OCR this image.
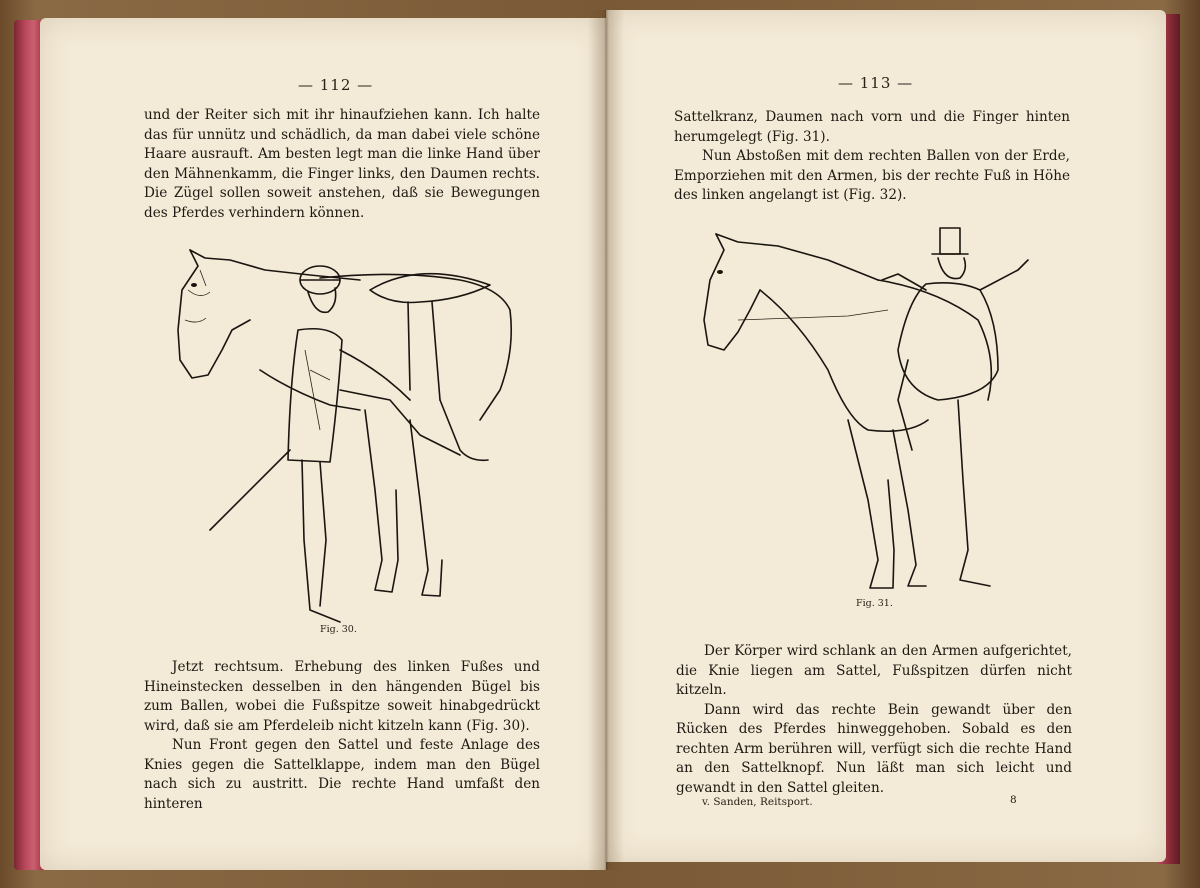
— 112 —

und der Reiter sich mit ihr hinaufziehen kann. Ich halte das für unnütz und schädlich, da man dabei viele schöne Haare ausrauft. Am besten legt man die linke Hand über den Mähnenkamm, die Finger links, den Daumen rechts. Die Zügel sollen soweit anstehen, daß sie Bewegungen des Pferdes verhindern können.

Fig. 30.

Jetzt rechtsum. Erhebung des linken Fußes und Hineinstecken desselben in den hängenden Bügel bis zum Ballen, wobei die Fußspitze soweit hinabgedrückt wird, daß sie am Pferdeleib nicht kitzeln kann (Fig. 30).

Nun Front gegen den Sattel und feste Anlage des Knies gegen die Sattelklappe, indem man den Bügel nach sich zu austritt. Die rechte Hand umfaßt den hinteren

— 113 —

Sattelkranz, Daumen nach vorn und die Finger hinten herumgelegt (Fig. 31).

Nun Abstoßen mit dem rechten Ballen von der Erde, Emporziehen mit den Armen, bis der rechte Fuß in Höhe des linken angelangt ist (Fig. 32).

Fig. 31.

Der Körper wird schlank an den Armen aufgerichtet, die Knie liegen am Sattel, Fußspitzen dürfen nicht kitzeln.

Dann wird das rechte Bein gewandt über den Rücken des Pferdes hinweggehoben. Sobald es den rechten Arm berühren will, verfügt sich die rechte Hand an den Sattelknopf. Nun läßt man sich leicht und gewandt in den Sattel gleiten.

v. Sanden, Reitsport.	8
